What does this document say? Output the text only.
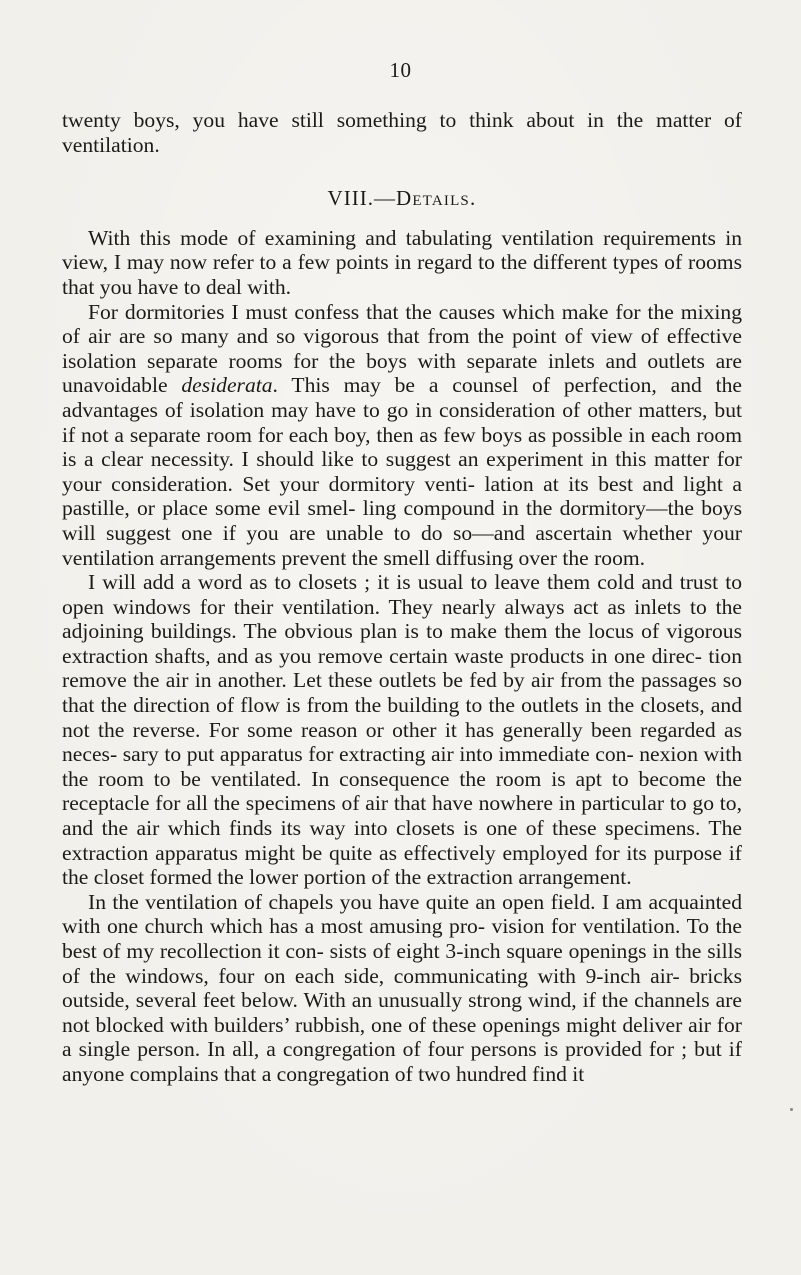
10

twenty boys, you have still something to think about in the matter of ventilation.

VIII.—Details.

With this mode of examining and tabulating ventilation requirements in view, I may now refer to a few points in regard to the different types of rooms that you have to deal with.

For dormitories I must confess that the causes which make for the mixing of air are so many and so vigorous that from the point of view of effective isolation separate rooms for the boys with separate inlets and outlets are unavoidable desiderata. This may be a counsel of perfection, and the advantages of isolation may have to go in consideration of other matters, but if not a separate room for each boy, then as few boys as possible in each room is a clear necessity. I should like to suggest an experiment in this matter for your consideration. Set your dormitory venti- lation at its best and light a pastille, or place some evil smel- ling compound in the dormitory—the boys will suggest one if you are unable to do so—and ascertain whether your ventilation arrangements prevent the smell diffusing over the room.

I will add a word as to closets ; it is usual to leave them cold and trust to open windows for their ventilation. They nearly always act as inlets to the adjoining buildings. The obvious plan is to make them the locus of vigorous extraction shafts, and as you remove certain waste products in one direc- tion remove the air in another. Let these outlets be fed by air from the passages so that the direction of flow is from the building to the outlets in the closets, and not the reverse. For some reason or other it has generally been regarded as neces- sary to put apparatus for extracting air into immediate con- nexion with the room to be ventilated. In consequence the room is apt to become the receptacle for all the specimens of air that have nowhere in particular to go to, and the air which finds its way into closets is one of these specimens. The extraction apparatus might be quite as effectively employed for its purpose if the closet formed the lower portion of the extraction arrangement.

In the ventilation of chapels you have quite an open field. I am acquainted with one church which has a most amusing pro- vision for ventilation. To the best of my recollection it con- sists of eight 3-inch square openings in the sills of the windows, four on each side, communicating with 9-inch air- bricks outside, several feet below. With an unusually strong wind, if the channels are not blocked with builders’ rubbish, one of these openings might deliver air for a single person. In all, a congregation of four persons is provided for ; but if anyone complains that a congregation of two hundred find it
